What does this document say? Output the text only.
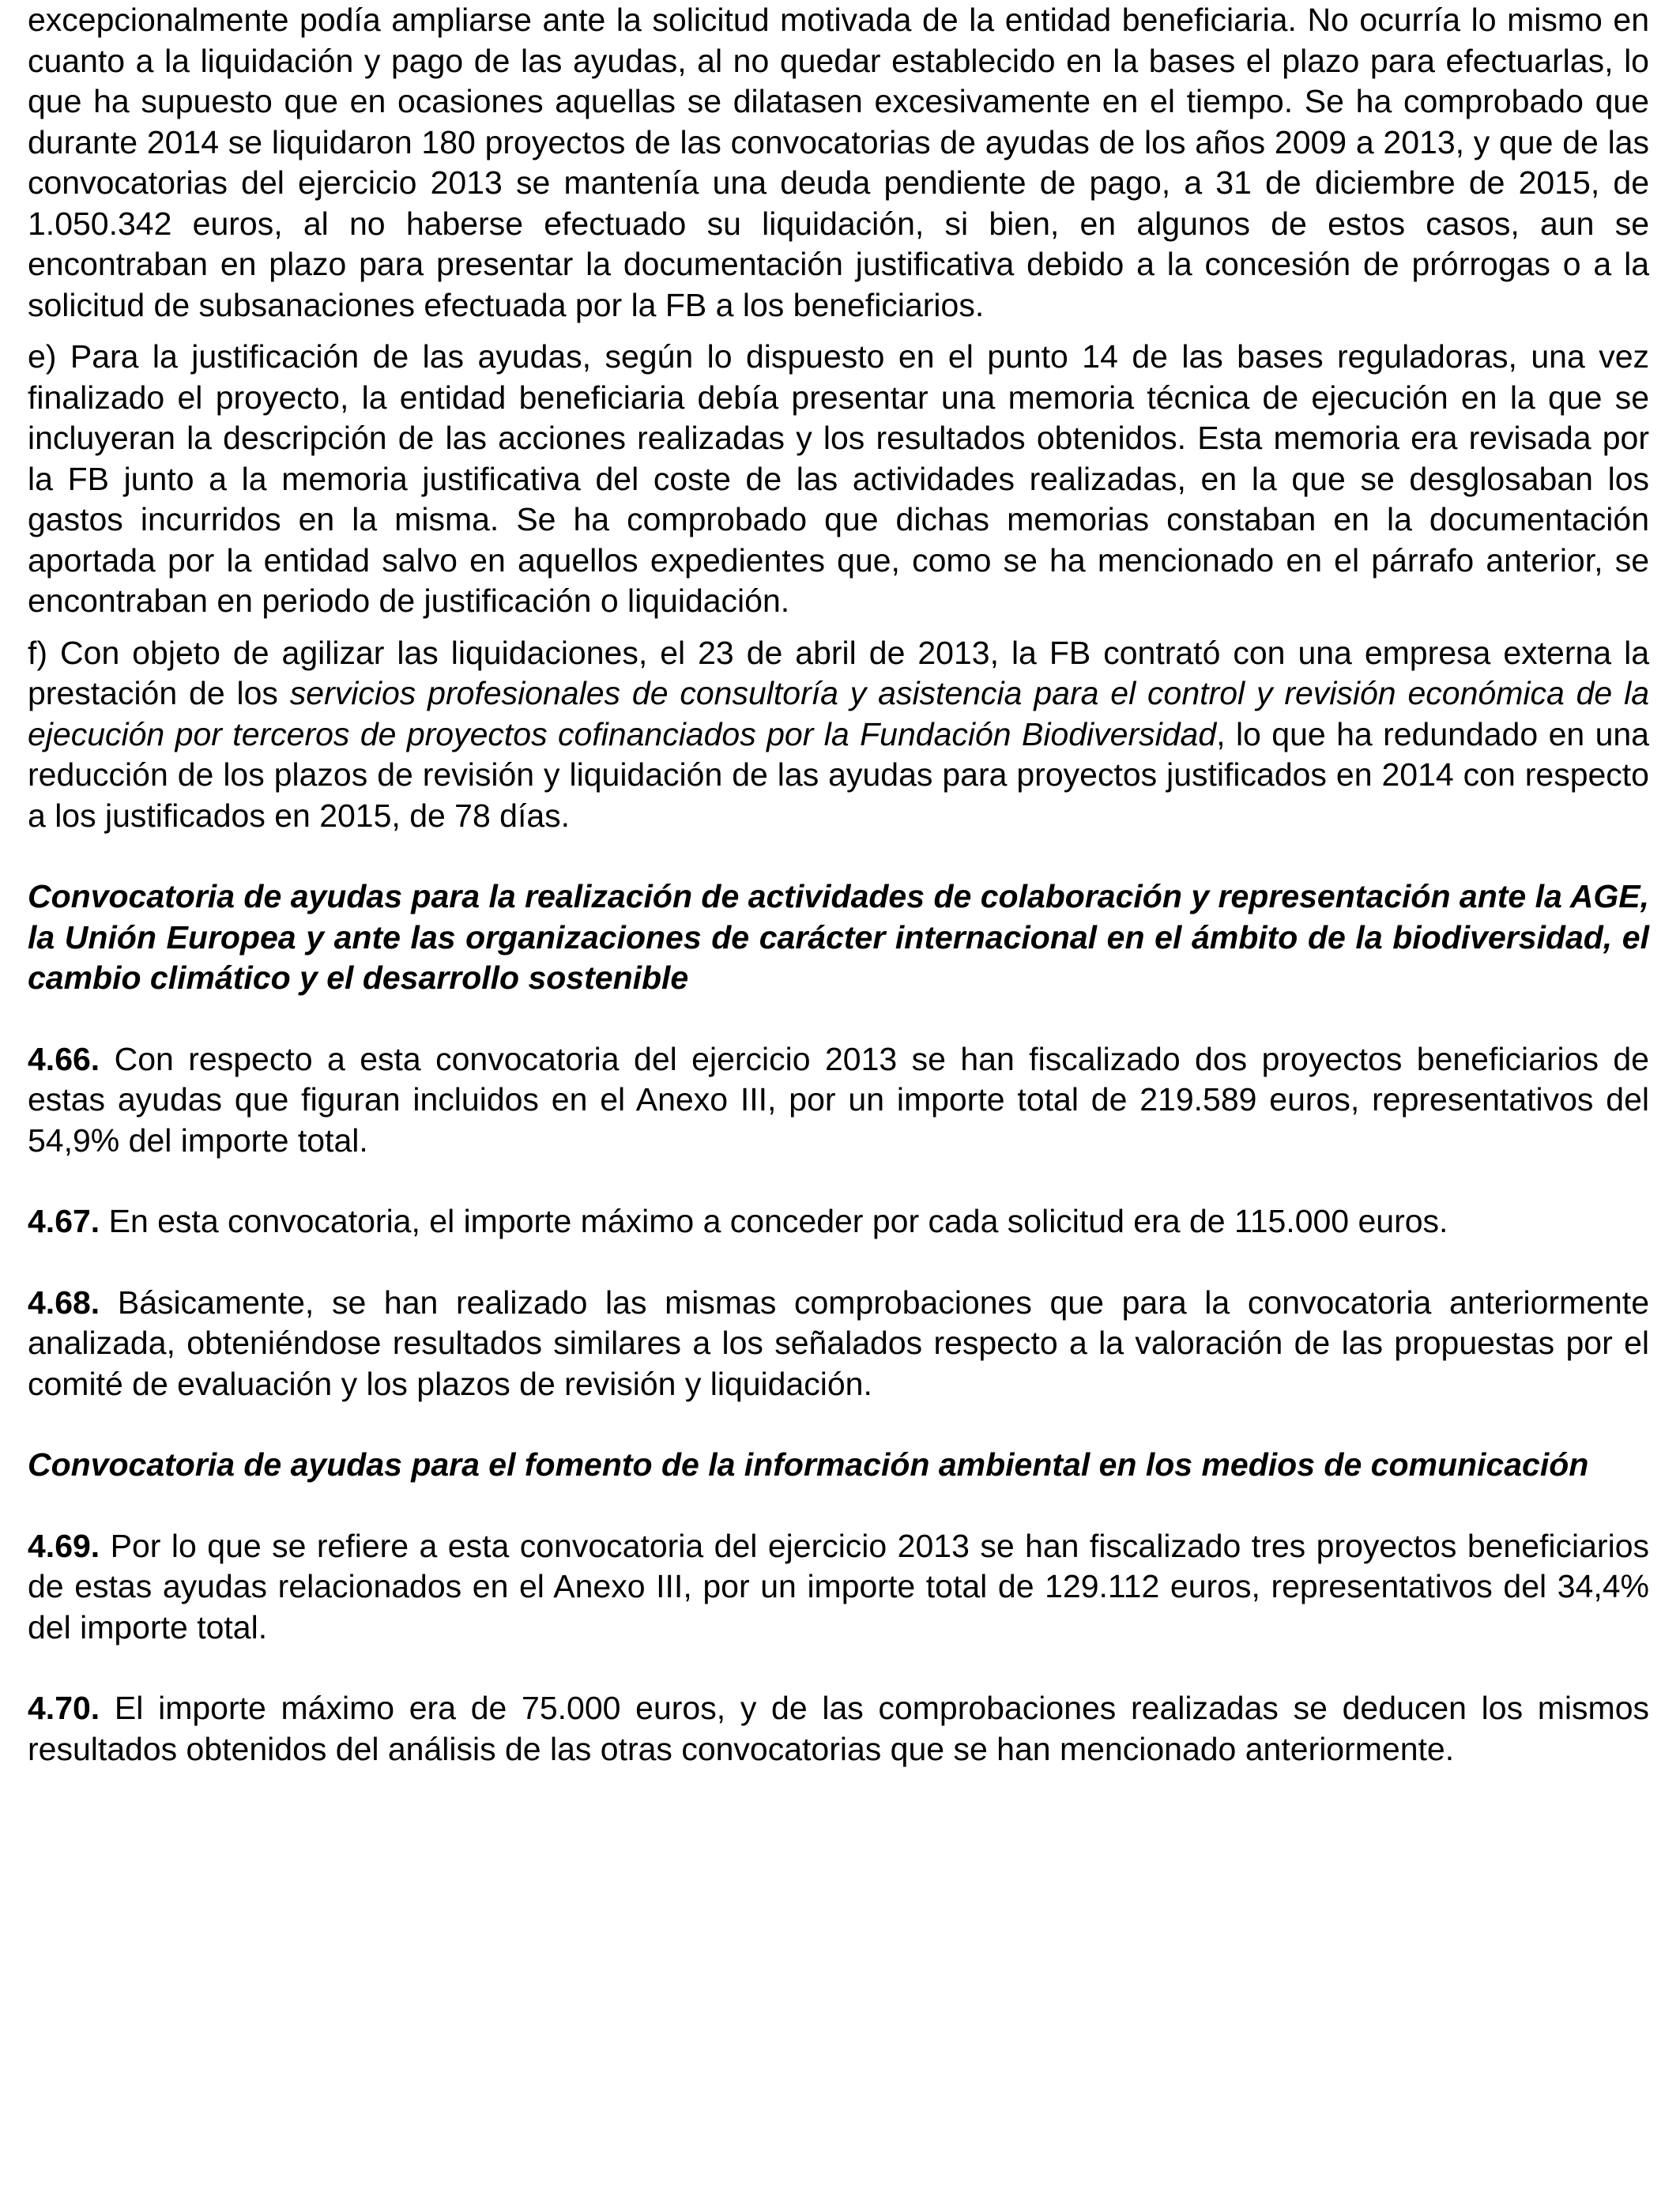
excepcionalmente podía ampliarse ante la solicitud motivada de la entidad beneficiaria. No ocurría lo mismo en cuanto a la liquidación y pago de las ayudas, al no quedar establecido en la bases el plazo para efectuarlas, lo que ha supuesto que en ocasiones aquellas se dilatasen excesivamente en el tiempo. Se ha comprobado que durante 2014 se liquidaron 180 proyectos de las convocatorias de ayudas de los años 2009 a 2013, y que de las convocatorias del ejercicio 2013 se mantenía una deuda pendiente de pago, a 31 de diciembre de 2015, de 1.050.342 euros, al no haberse efectuado su liquidación, si bien, en algunos de estos casos, aun se encontraban en plazo para presentar la documentación justificativa debido a la concesión de prórrogas o a la solicitud de subsanaciones efectuada por la FB a los beneficiarios.

e) Para la justificación de las ayudas, según lo dispuesto en el punto 14 de las bases reguladoras, una vez finalizado el proyecto, la entidad beneficiaria debía presentar una memoria técnica de ejecución en la que se incluyeran la descripción de las acciones realizadas y los resultados obtenidos. Esta memoria era revisada por la FB junto a la memoria justificativa del coste de las actividades realizadas, en la que se desglosaban los gastos incurridos en la misma. Se ha comprobado que dichas memorias constaban en la documentación aportada por la entidad salvo en aquellos expedientes que, como se ha mencionado en el párrafo anterior, se encontraban en periodo de justificación o liquidación.

f) Con objeto de agilizar las liquidaciones, el 23 de abril de 2013, la FB contrató con una empresa externa la prestación de los servicios profesionales de consultoría y asistencia para el control y revisión económica de la ejecución por terceros de proyectos cofinanciados por la Fundación Biodiversidad, lo que ha redundado en una reducción de los plazos de revisión y liquidación de las ayudas para proyectos justificados en 2014 con respecto a los justificados en 2015, de 78 días.

Convocatoria de ayudas para la realización de actividades de colaboración y representación ante la AGE, la Unión Europea y ante las organizaciones de carácter internacional en el ámbito de la biodiversidad, el cambio climático y el desarrollo sostenible

4.66. Con respecto a esta convocatoria del ejercicio 2013 se han fiscalizado dos proyectos beneficiarios de estas ayudas que figuran incluidos en el Anexo III, por un importe total de 219.589 euros, representativos del 54,9% del importe total.

4.67. En esta convocatoria, el importe máximo a conceder por cada solicitud era de 115.000 euros.

4.68. Básicamente, se han realizado las mismas comprobaciones que para la convocatoria anteriormente analizada, obteniéndose resultados similares a los señalados respecto a la valoración de las propuestas por el comité de evaluación y los plazos de revisión y liquidación.

Convocatoria de ayudas para el fomento de la información ambiental en los medios de comunicación

4.69. Por lo que se refiere a esta convocatoria del ejercicio 2013 se han fiscalizado tres proyectos beneficiarios de estas ayudas relacionados en el Anexo III, por un importe total de 129.112 euros, representativos del 34,4% del importe total.

4.70. El importe máximo era de 75.000 euros, y de las comprobaciones realizadas se deducen los mismos resultados obtenidos del análisis de las otras convocatorias que se han mencionado anteriormente.
